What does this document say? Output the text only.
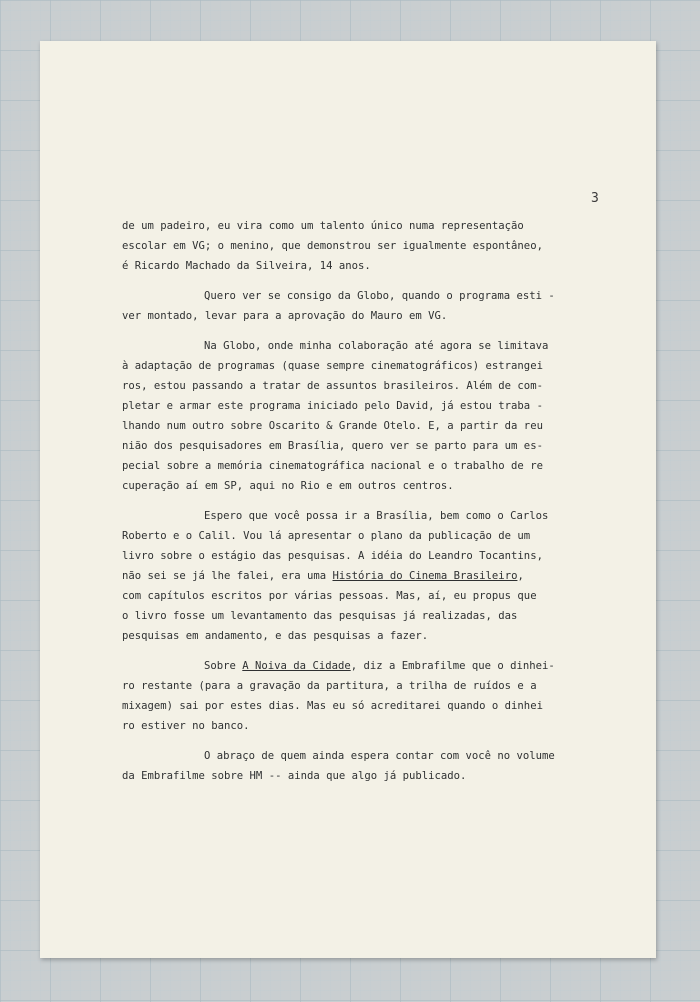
3
de um padeiro, eu vira como um talento único numa representação
escolar em VG; o menino, que demonstrou ser igualmente espontâneo,
é Ricardo Machado da Silveira, 14 anos.
Quero ver se consigo da Globo, quando o programa esti -
ver montado, levar para a aprovação do Mauro em VG.
Na Globo, onde minha colaboração até agora se limitava
à adaptação de programas (quase sempre cinematográficos) estrangei
ros, estou passando a tratar de assuntos brasileiros. Além de com-
pletar e armar este programa iniciado pelo David, já estou traba -
lhando num outro sobre Oscarito & Grande Otelo. E, a partir da reu
nião dos pesquisadores em Brasília, quero ver se parto para um es-
pecial sobre a memória cinematográfica nacional e o trabalho de re
cuperação aí em SP, aqui no Rio e em outros centros.
Espero que você possa ir a Brasília, bem como o Carlos
Roberto e o Calil. Vou lá apresentar o plano da publicação de um
livro sobre o estágio das pesquisas. A idéia do Leandro Tocantins,
não sei se já lhe falei, era uma História do Cinema Brasileiro,
com capítulos escritos por várias pessoas. Mas, aí, eu propus que
o livro fosse um levantamento das pesquisas já realizadas, das
pesquisas em andamento, e das pesquisas a fazer.
Sobre A Noiva da Cidade, diz a Embrafilme que o dinhei-
ro restante (para a gravação da partitura, a trilha de ruídos e a
mixagem) sai por estes dias. Mas eu só acreditarei quando o dinhei
ro estiver no banco.
O abraço de quem ainda espera contar com você no volume
da Embrafilme sobre HM -- ainda que algo já publicado.
